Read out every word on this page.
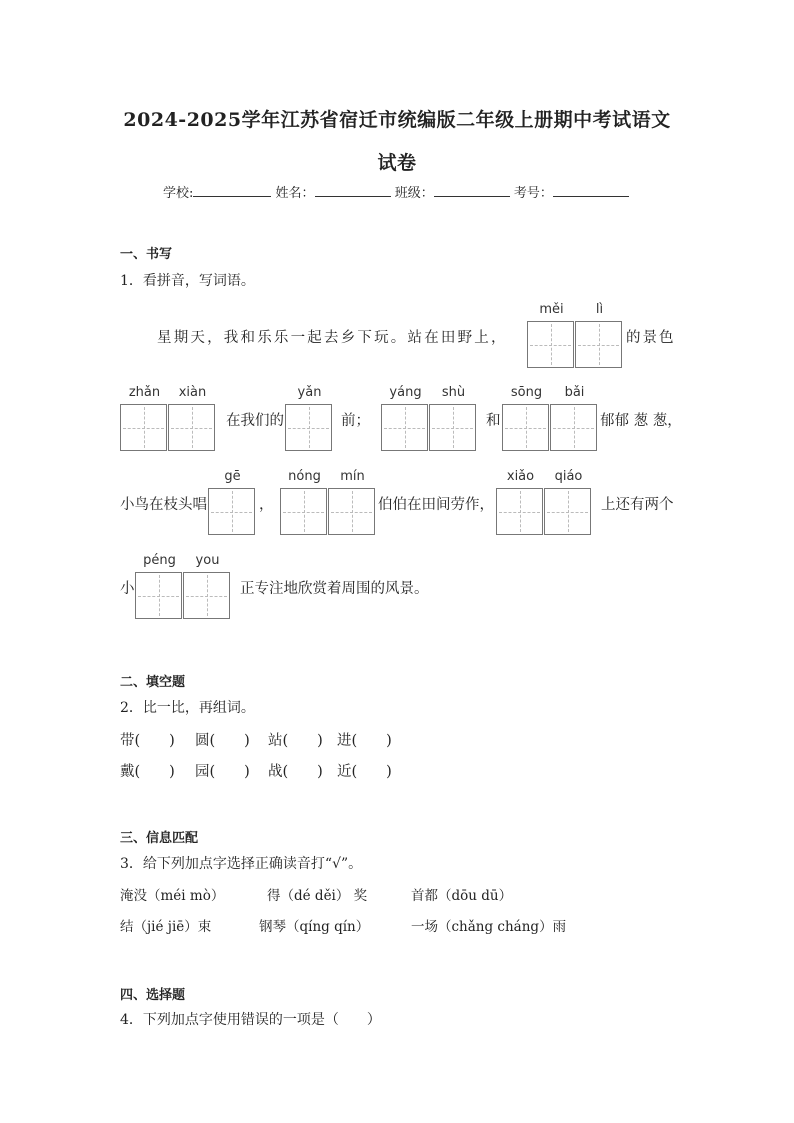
2024-2025学年江苏省宿迁市统编版二年级上册期中考试语文
试卷
学校:	姓名：	班级：	考号：
一、书写
1．看拼音，写词语。
星期天，我和乐乐一起去乡下玩。站在田野上，
měi	lì
的景色
zhǎn	xiàn
在我们的
yǎn
前；
yáng	shù
和
sōng	bǎi
郁郁 葱 葱，
小鸟在枝头唱
gē
，
nóng	mín
伯伯在田间劳作，
xiǎo	qiáo
上还有两个
小
péng	you
正专注地欣赏着周围的风景。
二、填空题
2．比一比，再组词。
带(　　) 圆(　　) 站(　　) 进(　　)
戴(　　) 园(　　) 战(　　) 近(　　)
三、信息匹配
3．给下列加点字选择正确读音打“√”。
淹没（méi mò）	得（dé děi） 奖	首都（dōu dū）
结（jié jiē）束	钢琴（qíng qín）	一场（chǎng cháng）雨
四、选择题
4．下列加点字使用错误的一项是（　　）
